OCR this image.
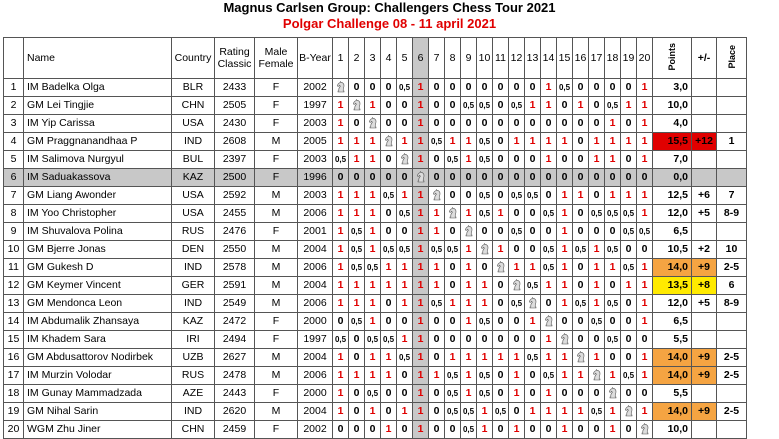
Magnus Carlsen Group: Challengers Chess Tour 2021
Polgar Challenge 08 - 11 april 2021
	Name	Country	Rating
Classic	Male
Female	B-Year	1	2	3	4	5	6	7	8	9	10	11	12	13	14	15	16	17	18	19	20	Points	+/-	Place
1	IM Badelka Olga	BLR	2433	F	2002		0	0	0	0,5	1	0	0	0	0	0	0	0	1	0,5	0	0	0	0	1	3,0		
2	GM Lei Tingjie	CHN	2505	F	1997	1		1	0	0	1	0	0	0,5	0,5	0	0,5	1	1	0	1	0	0,5	1	1	10,0		
3	IM Yip Carissa	USA	2430	F	2003	1	0		0	0	1	0	0	0	0	0	0	0	0	0	0	0	1	0	1	4,0		
4	GM Praggnanandhaa P	IND	2608	M	2005	1	1	1		1	1	0,5	1	1	0,5	0	1	1	1	1	0	1	1	1	1	15,5	+12	1
5	IM Salimova Nurgyul	BUL	2397	F	2003	0,5	1	1	0		1	0	0,5	1	0,5	0	0	0	1	0	0	1	1	0	1	7,0		
6	IM Saduakassova	KAZ	2500	F	1996	0	0	0	0	0		0	0	0	0	0	0	0	0	0	0	0	0	0	0	0,0		
7	GM Liang Awonder	USA	2592	M	2003	1	1	1	0,5	1	1		0	0	0,5	0	0,5	0,5	0	1	1	0	1	1	1	12,5	+6	7
8	IM Yoo Christopher	USA	2455	M	2006	1	1	1	0	0,5	1	1		1	0,5	1	0	0	0,5	1	0	0,5	0,5	0,5	1	12,0	+5	8-9
9	IM Shuvalova Polina	RUS	2476	F	2001	1	0,5	1	0	0	1	1	0		0	0	0,5	0	0	1	0	0	0	0,5	0,5	6,5		
10	GM Bjerre Jonas	DEN	2550	M	2004	1	0,5	1	0,5	0,5	1	0,5	0,5	1		1	0	0	0,5	1	0,5	1	0,5	0	0	10,5	+2	10
11	GM Gukesh D	IND	2578	M	2006	1	0,5	0,5	1	1	1	1	0	1	0		1	1	0,5	1	0	1	1	0,5	1	14,0	+9	2-5
12	GM Keymer Vincent	GER	2591	M	2004	1	1	1	1	1	1	1	0	1	1	0		0,5	1	1	0	1	0	1	1	13,5	+8	6
13	GM Mendonca Leon	IND	2549	M	2006	1	1	1	0	1	1	0,5	1	1	1	0	0,5		0	1	0,5	1	0,5	0	1	12,0	+5	8-9
14	IM Abdumalik Zhansaya	KAZ	2472	F	2000	0	0,5	1	0	0	1	0	0	1	0,5	0	0	1		0	0	0,5	0	0	1	6,5		
15	IM Khadem Sara	IRI	2494	F	1997	0,5	0	0,5	0,5	1	1	0	0	0	0	0	0	0	1		0	0	0,5	0	0	5,5		
16	GM Abdusattorov Nodirbek	UZB	2627	M	2004	1	0	1	1	0,5	1	0	1	1	1	1	1	0,5	1	1		1	0	0	1	14,0	+9	2-5
17	IM Murzin Volodar	RUS	2478	M	2006	1	1	1	1	0	1	1	0,5	1	0,5	0	1	0	0,5	1	1		1	0,5	1	14,0	+9	2-5
18	IM Gunay Mammadzada	AZE	2443	F	2000	1	0	0,5	0	0	1	0	0,5	1	0,5	0	1	0	1	0	0	0		0	0	5,5		
19	GM Nihal Sarin	IND	2620	M	2004	1	0	1	0	1	1	0	0,5	0,5	1	0,5	0	1	1	1	1	0,5	1		1	14,0	+9	2-5
20	WGM Zhu Jiner	CHN	2459	F	2002	0	0	0	1	0	1	0	0	0,5	1	0	1	0	0	1	0	0	1	0		10,0		
